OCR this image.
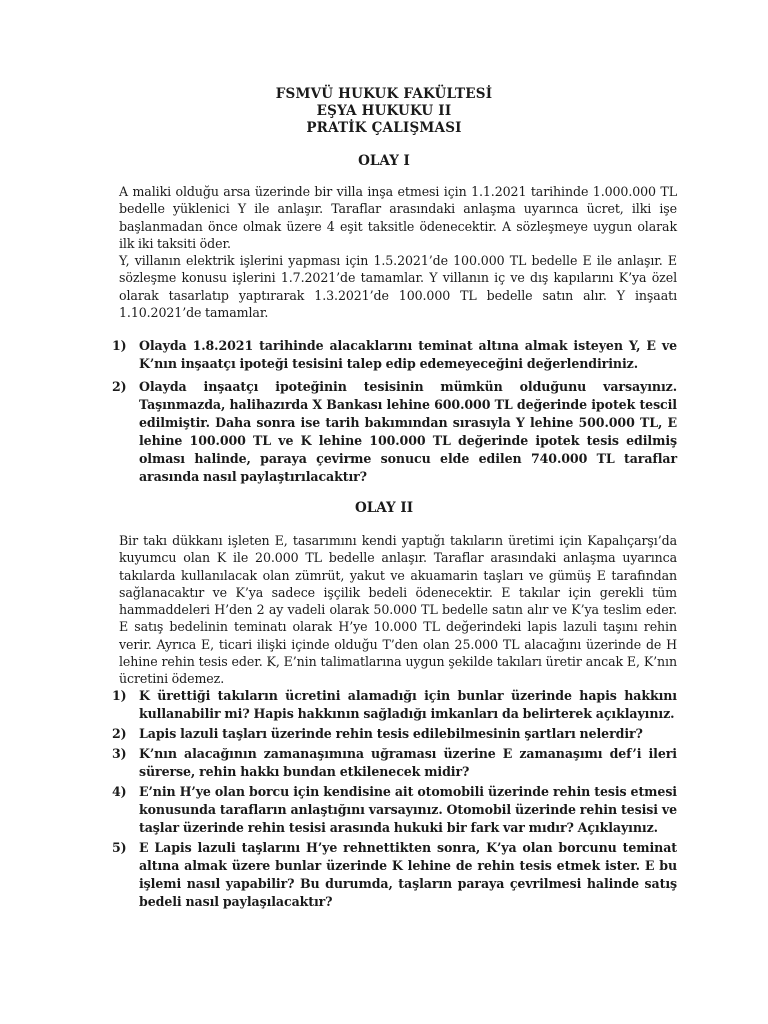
FSMVÜ HUKUK FAKÜLTESİ
EŞYA HUKUKU II
PRATİK ÇALIŞMASI
OLAY I
A maliki olduğu arsa üzerinde bir villa inşa etmesi için 1.1.2021 tarihinde 1.000.000 TL bedelle yüklenici Y ile anlaşır. Taraflar arasındaki anlaşma uyarınca ücret, ilki işe başlanmadan önce olmak üzere 4 eşit taksitle ödenecektir. A sözleşmeye uygun olarak ilk iki taksiti öder.
Y, villanın elektrik işlerini yapması için 1.5.2021’de 100.000 TL bedelle E ile anlaşır. E sözleşme konusu işlerini 1.7.2021’de tamamlar. Y villanın iç ve dış kapılarını K’ya özel olarak tasarlatıp yaptırarak 1.3.2021’de 100.000 TL bedelle satın alır. Y inşaatı 1.10.2021’de tamamlar.
1) Olayda 1.8.2021 tarihinde alacaklarını teminat altına almak isteyen Y, E ve K’nın inşaatçı ipoteği tesisini talep edip edemeyeceğini değerlendiriniz.
2) Olayda inşaatçı ipoteğinin tesisinin mümkün olduğunu varsayınız. Taşınmazda, halihazırda X Bankası lehine 600.000 TL değerinde ipotek tescil edilmiştir. Daha sonra ise tarih bakımından sırasıyla Y lehine 500.000 TL, E lehine 100.000 TL ve K lehine 100.000 TL değerinde ipotek tesis edilmiş olması halinde, paraya çevirme sonucu elde edilen 740.000 TL taraflar arasında nasıl paylaştırılacaktır?
OLAY II
Bir takı dükkanı işleten E, tasarımını kendi yaptığı takıların üretimi için Kapalıçarşı’da kuyumcu olan K ile 20.000 TL bedelle anlaşır. Taraflar arasındaki anlaşma uyarınca takılarda kullanılacak olan zümrüt, yakut ve akuamarin taşları ve gümüş E tarafından sağlanacaktır ve K’ya sadece işçilik bedeli ödenecektir. E takılar için gerekli tüm hammaddeleri H’den 2 ay vadeli olarak 50.000 TL bedelle satın alır ve K’ya teslim eder. E satış bedelinin teminatı olarak H’ye 10.000 TL değerindeki lapis lazuli taşını rehin verir. Ayrıca E, ticari ilişki içinde olduğu T’den olan 25.000 TL alacağını üzerinde de H lehine rehin tesis eder. K, E’nin talimatlarına uygun şekilde takıları üretir ancak E, K’nın ücretini ödemez.
1) K ürettiği takıların ücretini alamadığı için bunlar üzerinde hapis hakkını kullanabilir mi? Hapis hakkının sağladığı imkanları da belirterek açıklayınız.
2) Lapis lazuli taşları üzerinde rehin tesis edilebilmesinin şartları nelerdir?
3) K’nın alacağının zamanaşımına uğraması üzerine E zamanaşımı def’i ileri sürerse, rehin hakkı bundan etkilenecek midir?
4) E’nin H’ye olan borcu için kendisine ait otomobili üzerinde rehin tesis etmesi konusunda tarafların anlaştığını varsayınız. Otomobil üzerinde rehin tesisi ve taşlar üzerinde rehin tesisi arasında hukuki bir fark var mıdır? Açıklayınız.
5) E Lapis lazuli taşlarını H’ye rehnettikten sonra, K’ya olan borcunu teminat altına almak üzere bunlar üzerinde K lehine de rehin tesis etmek ister. E bu işlemi nasıl yapabilir? Bu durumda, taşların paraya çevrilmesi halinde satış bedeli nasıl paylaşılacaktır?
